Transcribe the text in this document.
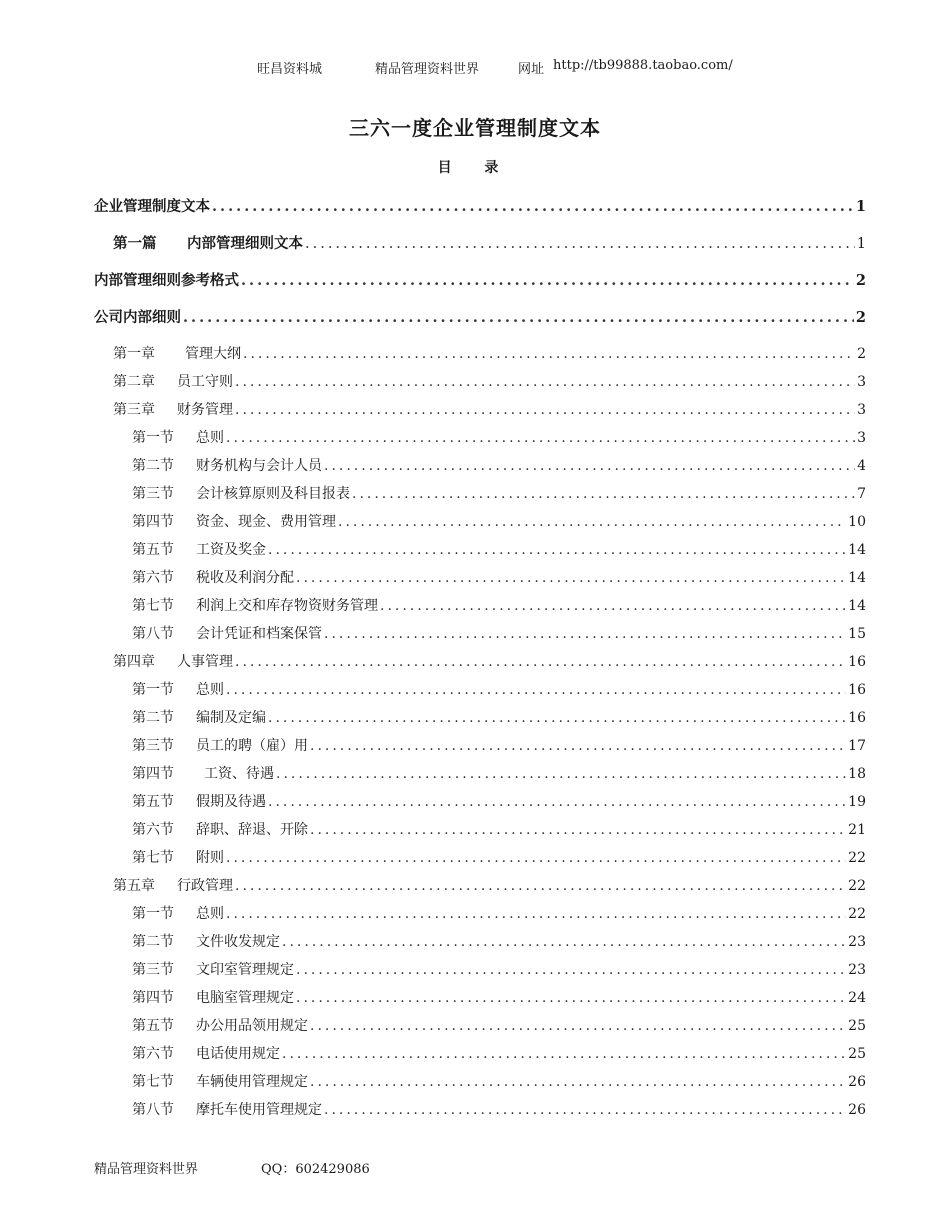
旺昌资料城	精品管理资料世界	网址 http://tb99888.taobao.com/
三六一度企业管理制度文本
目 录
企业管理制度文本 .....	1
第一篇 内部管理细则文本 .....	1
内部管理细则参考格式 .....	2
公司内部细则 .....	2
第一章 管理大纲 .....	2
第二章 员工守则 .....	3
第三章 财务管理 .....	3
第一节 总则 .....	3
第二节 财务机构与会计人员 .....	4
第三节 会计核算原则及科目报表 .....	7
第四节 资金、现金、费用管理 .....	10
第五节 工资及奖金 .....	14
第六节 税收及利润分配 .....	14
第七节 利润上交和库存物资财务管理 .....	14
第八节 会计凭证和档案保管 .....	15
第四章 人事管理 .....	16
第一节 总则 .....	16
第二节 编制及定编 .....	16
第三节 员工的聘（雇）用 .....	17
第四节 工资、待遇 .....	18
第五节 假期及待遇 .....	19
第六节 辞职、辞退、开除 .....	21
第七节 附则 .....	22
第五章 行政管理 .....	22
第一节 总则 .....	22
第二节 文件收发规定 .....	23
第三节 文印室管理规定 .....	23
第四节 电脑室管理规定 .....	24
第五节 办公用品领用规定 .....	25
第六节 电话使用规定 .....	25
第七节 车辆使用管理规定 .....	26
第八节 摩托车使用管理规定 .....	26
精品管理资料世界	QQ：602429086
